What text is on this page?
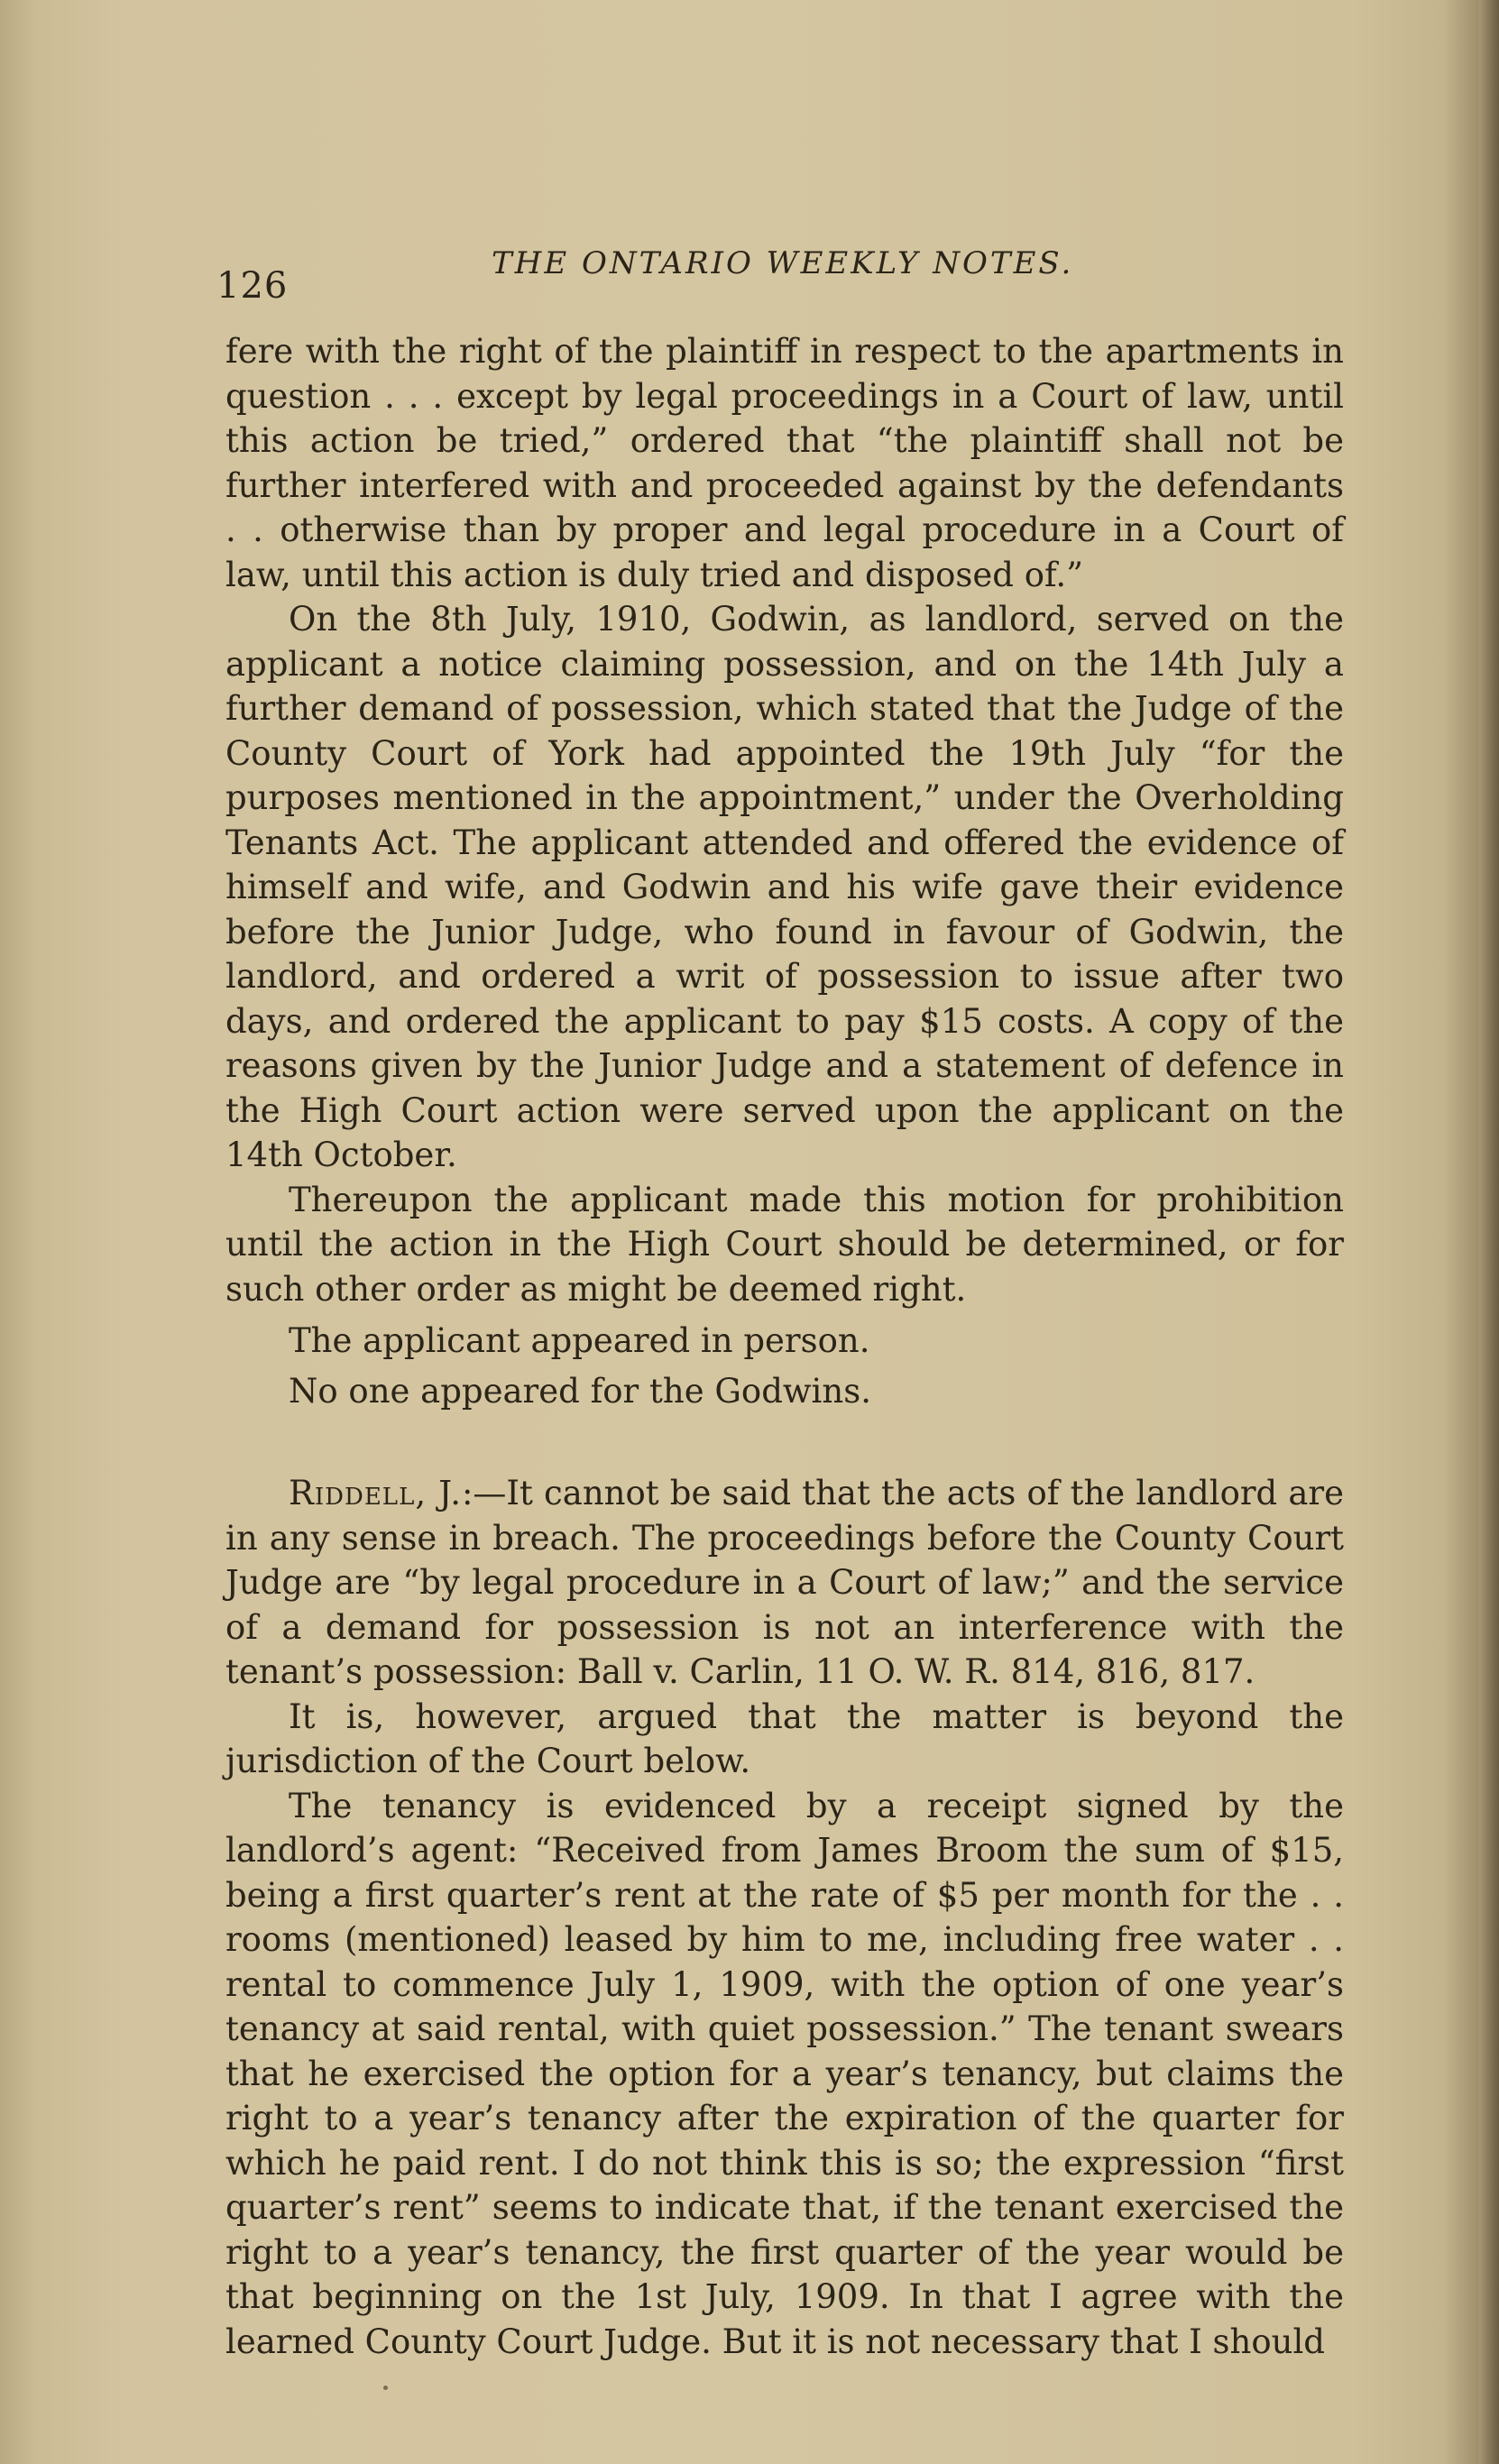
126
THE ONTARIO WEEKLY NOTES.

fere with the right of the plaintiff in respect to the apartments in question . . . except by legal proceedings in a Court of law, until this action be tried,” ordered that “the plaintiff shall not be further interfered with and proceeded against by the defendants . . otherwise than by proper and legal procedure in a Court of law, until this action is duly tried and disposed of.”

On the 8th July, 1910, Godwin, as landlord, served on the applicant a notice claiming possession, and on the 14th July a further demand of possession, which stated that the Judge of the County Court of York had appointed the 19th July “for the purposes mentioned in the appointment,” under the Overholding Tenants Act. The applicant attended and offered the evidence of himself and wife, and Godwin and his wife gave their evidence before the Junior Judge, who found in favour of Godwin, the landlord, and ordered a writ of possession to issue after two days, and ordered the applicant to pay $15 costs. A copy of the reasons given by the Junior Judge and a statement of defence in the High Court action were served upon the applicant on the 14th October.

Thereupon the applicant made this motion for prohibition until the action in the High Court should be determined, or for such other order as might be deemed right.

The applicant appeared in person.

No one appeared for the Godwins.

Riddell, J.:—It cannot be said that the acts of the landlord are in any sense in breach. The proceedings before the County Court Judge are “by legal procedure in a Court of law;” and the service of a demand for possession is not an interference with the tenant’s possession: Ball v. Carlin, 11 O. W. R. 814, 816, 817.

It is, however, argued that the matter is beyond the jurisdiction of the Court below.

The tenancy is evidenced by a receipt signed by the landlord’s agent: “Received from James Broom the sum of $15, being a first quarter’s rent at the rate of $5 per month for the . . rooms (mentioned) leased by him to me, including free water . . rental to commence July 1, 1909, with the option of one year’s tenancy at said rental, with quiet possession.” The tenant swears that he exercised the option for a year’s tenancy, but claims the right to a year’s tenancy after the expiration of the quarter for which he paid rent. I do not think this is so; the expression “first quarter’s rent” seems to indicate that, if the tenant exercised the right to a year’s tenancy, the first quarter of the year would be that beginning on the 1st July, 1909. In that I agree with the learned County Court Judge. But it is not necessary that I should
